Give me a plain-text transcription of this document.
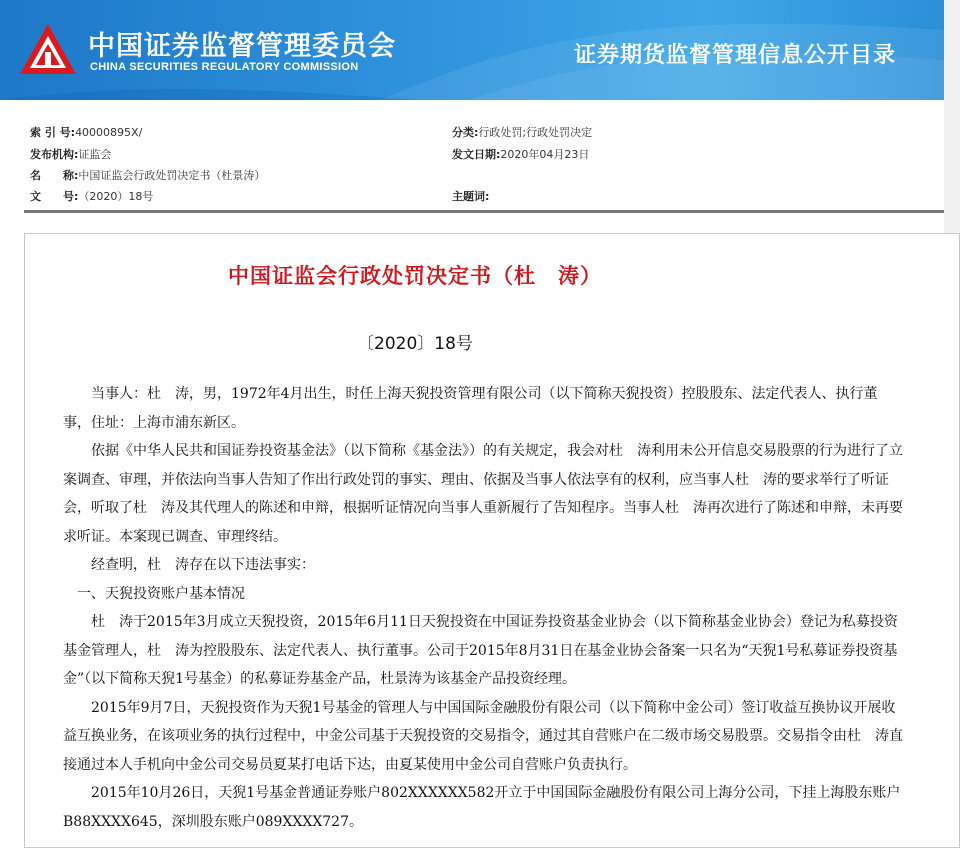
中国证券监督管理委员会
CHINA SECURITIES REGULATORY COMMISSION	证券期货监督管理信息公开目录
索 引 号:40000895X/	分类:行政处罚;行政处罚决定
发布机构:证监会	发文日期:2020年04月23日
名　　称:中国证监会行政处罚决定书（杜景涛）
文　　号:（2020）18号	主题词:
中国证监会行政处罚决定书（杜　涛）
〔2020〕18号

当事人：杜　涛，男，1972年4月出生，时任上海天猊投资管理有限公司（以下简称天猊投资）控股股东、法定代表人、执行董事，住址：上海市浦东新区。

依据《中华人民共和国证券投资基金法》（以下简称《基金法》）的有关规定，我会对杜　涛利用未公开信息交易股票的行为进行了立案调查、审理，并依法向当事人告知了作出行政处罚的事实、理由、依据及当事人依法享有的权利，应当事人杜　涛的要求举行了听证会，听取了杜　涛及其代理人的陈述和申辩，根据听证情况向当事人重新履行了告知程序。当事人杜　涛再次进行了陈述和申辩，未再要求听证。本案现已调查、审理终结。

经查明，杜　涛存在以下违法事实：

一、天猊投资账户基本情况

杜　涛于2015年3月成立天猊投资，2015年6月11日天猊投资在中国证券投资基金业协会（以下简称基金业协会）登记为私募投资基金管理人，杜　涛为控股股东、法定代表人、执行董事。公司于2015年8月31日在基金业协会备案一只名为“天猊1号私募证券投资基金”（以下简称天猊1号基金）的私募证券基金产品，杜景涛为该基金产品投资经理。

2015年9月7日，天猊投资作为天猊1号基金的管理人与中国国际金融股份有限公司（以下简称中金公司）签订收益互换协议开展收益互换业务，在该项业务的执行过程中，中金公司基于天猊投资的交易指令，通过其自营账户在二级市场交易股票。交易指令由杜　涛直接通过本人手机向中金公司交易员夏某打电话下达，由夏某使用中金公司自营账户负责执行。

2015年10月26日，天猊1号基金普通证券账户802XXXXXX582开立于中国国际金融股份有限公司上海分公司，下挂上海股东账户B88XXXX645，深圳股东账户089XXXX727。
